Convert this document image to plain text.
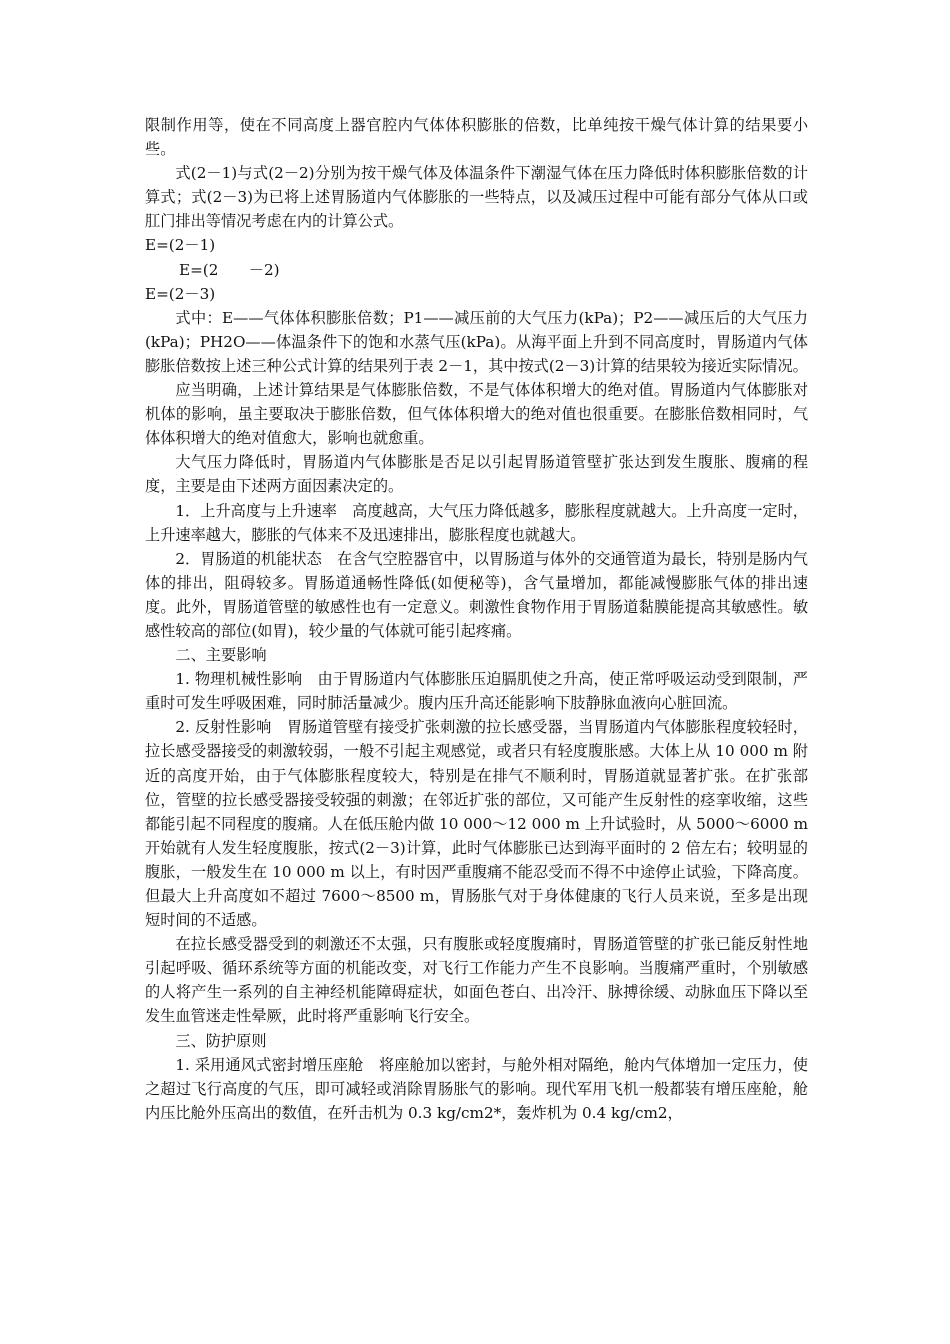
限制作用等，使在不同高度上器官腔内气体体积膨胀的倍数，比单纯按干燥气体计算的结果要小些。

式(2－1)与式(2－2)分别为按干燥气体及体温条件下潮湿气体在压力降低时体积膨胀倍数的计算式；式(2－3)为已将上述胃肠道内气体膨胀的一些特点，以及减压过程中可能有部分气体从口或肛门排出等情况考虑在内的计算公式。

E=(2－1)

E=(2　　－2)

E=(2－3)

式中：E——气体体积膨胀倍数；P1——减压前的大气压力(kPa)；P2——减压后的大气压力(kPa)；PH2O——体温条件下的饱和水蒸气压(kPa)。从海平面上升到不同高度时，胃肠道内气体膨胀倍数按上述三种公式计算的结果列于表 2－1，其中按式(2－3)计算的结果较为接近实际情况。

应当明确，上述计算结果是气体膨胀倍数，不是气体体积增大的绝对值。胃肠道内气体膨胀对机体的影响，虽主要取决于膨胀倍数，但气体体积增大的绝对值也很重要。在膨胀倍数相同时，气体体积增大的绝对值愈大，影响也就愈重。

大气压力降低时，胃肠道内气体膨胀是否足以引起胃肠道管壁扩张达到发生腹胀、腹痛的程度，主要是由下述两方面因素决定的。

1．上升高度与上升速率　高度越高，大气压力降低越多，膨胀程度就越大。上升高度一定时，上升速率越大，膨胀的气体来不及迅速排出，膨胀程度也就越大。

2．胃肠道的机能状态　在含气空腔器官中，以胃肠道与体外的交通管道为最长，特别是肠内气体的排出，阻碍较多。胃肠道通畅性降低(如便秘等)，含气量增加，都能减慢膨胀气体的排出速度。此外，胃肠道管壁的敏感性也有一定意义。刺激性食物作用于胃肠道黏膜能提高其敏感性。敏感性较高的部位(如胃)，较少量的气体就可能引起疼痛。

二、主要影响

1. 物理机械性影响　由于胃肠道内气体膨胀压迫膈肌使之升高，使正常呼吸运动受到限制，严重时可发生呼吸困难，同时肺活量减少。腹内压升高还能影响下肢静脉血液向心脏回流。

2. 反射性影响　胃肠道管壁有接受扩张刺激的拉长感受器，当胃肠道内气体膨胀程度较轻时，拉长感受器接受的刺激较弱，一般不引起主观感觉，或者只有轻度腹胀感。大体上从 10 000 m 附近的高度开始，由于气体膨胀程度较大，特别是在排气不顺利时，胃肠道就显著扩张。在扩张部位，管壁的拉长感受器接受较强的刺激；在邻近扩张的部位，又可能产生反射性的痉挛收缩，这些都能引起不同程度的腹痛。人在低压舱内做 10 000～12 000 m 上升试验时，从 5000～6000 m 开始就有人发生轻度腹胀，按式(2－3)计算，此时气体膨胀已达到海平面时的 2 倍左右；较明显的腹胀，一般发生在 10 000 m 以上，有时因严重腹痛不能忍受而不得不中途停止试验，下降高度。但最大上升高度如不超过 7600～8500 m，胃肠胀气对于身体健康的飞行人员来说，至多是出现短时间的不适感。

在拉长感受器受到的刺激还不太强，只有腹胀或轻度腹痛时，胃肠道管壁的扩张已能反射性地引起呼吸、循环系统等方面的机能改变，对飞行工作能力产生不良影响。当腹痛严重时，个别敏感的人将产生一系列的自主神经机能障碍症状，如面色苍白、出冷汗、脉搏徐缓、动脉血压下降以至发生血管迷走性晕厥，此时将严重影响飞行安全。

三、防护原则

1. 采用通风式密封增压座舱　将座舱加以密封，与舱外相对隔绝，舱内气体增加一定压力，使之超过飞行高度的气压，即可减轻或消除胃肠胀气的影响。现代军用飞机一般都装有增压座舱，舱内压比舱外压高出的数值，在歼击机为 0.3 kg/cm2*，轰炸机为 0.4 kg/cm2，
